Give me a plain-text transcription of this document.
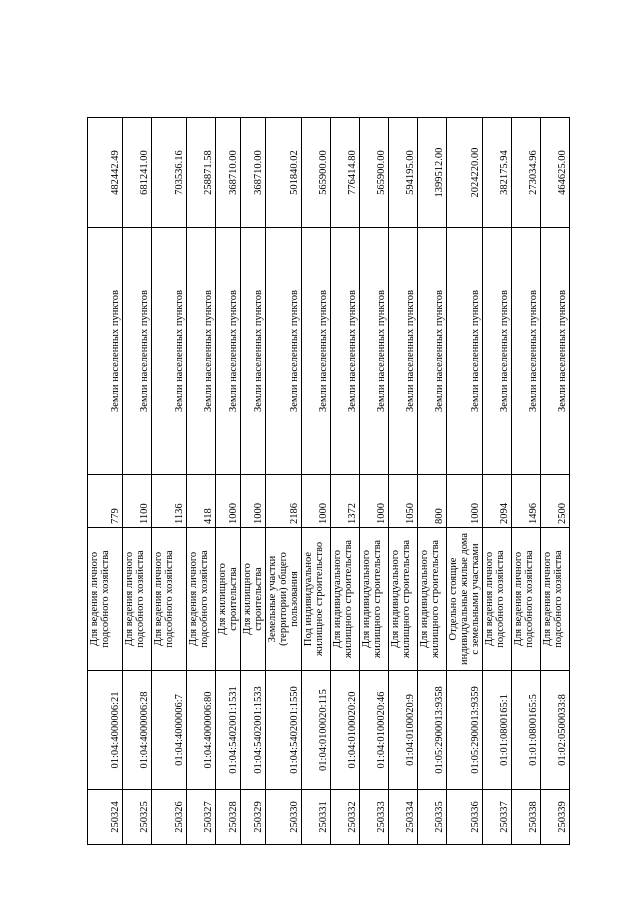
250324	01:04:4000006:21	Для ведения личного подсобного хозяйства	779	Земли населенных пунктов	482442.49
250325	01:04:4000006:28	Для ведения личного подсобного хозяйства	1100	Земли населенных пунктов	681241.00
250326	01:04:4000006:7	Для ведения личного подсобного хозяйства	1136	Земли населенных пунктов	703536.16
250327	01:04:4000006:80	Для ведения личного подсобного хозяйства	418	Земли населенных пунктов	258871.58
250328	01:04:5402001:1531	Для жилищного строительства	1000	Земли населенных пунктов	368710.00
250329	01:04:5402001:1533	Для жилищного строительства	1000	Земли населенных пунктов	368710.00
250330	01:04:5402001:1550	Земельные участки (территории) общего пользования	2186	Земли населенных пунктов	501840.02
250331	01:04:0100020:115	Под индивидуальное жилищное строительство	1000	Земли населенных пунктов	565900.00
250332	01:04:0100020:20	Для индивидуального жилищного строительства	1372	Земли населенных пунктов	776414.80
250333	01:04:0100020:46	Для индивидуального жилищного строительства	1000	Земли населенных пунктов	565900.00
250334	01:04:0100020:9	Для индивидуального жилищного строительства	1050	Земли населенных пунктов	594195.00
250335	01:05:2900013:9358	Для индивидуального жилищного строительства	800	Земли населенных пунктов	1399512.00
250336	01:05:2900013:9359	Отдельно стоящие индивидуальные жилые дома с земельными участками	1000	Земли населенных пунктов	2024220.00
250337	01:01:0800165:1	Для ведения личного подсобного хозяйства	2094	Земли населенных пунктов	382175.94
250338	01:01:0800165:5	Для ведения личного подсобного хозяйства	1496	Земли населенных пунктов	273034.96
250339	01:02:0500033:8	Для ведения личного подсобного хозяйства	2500	Земли населенных пунктов	464625.00
